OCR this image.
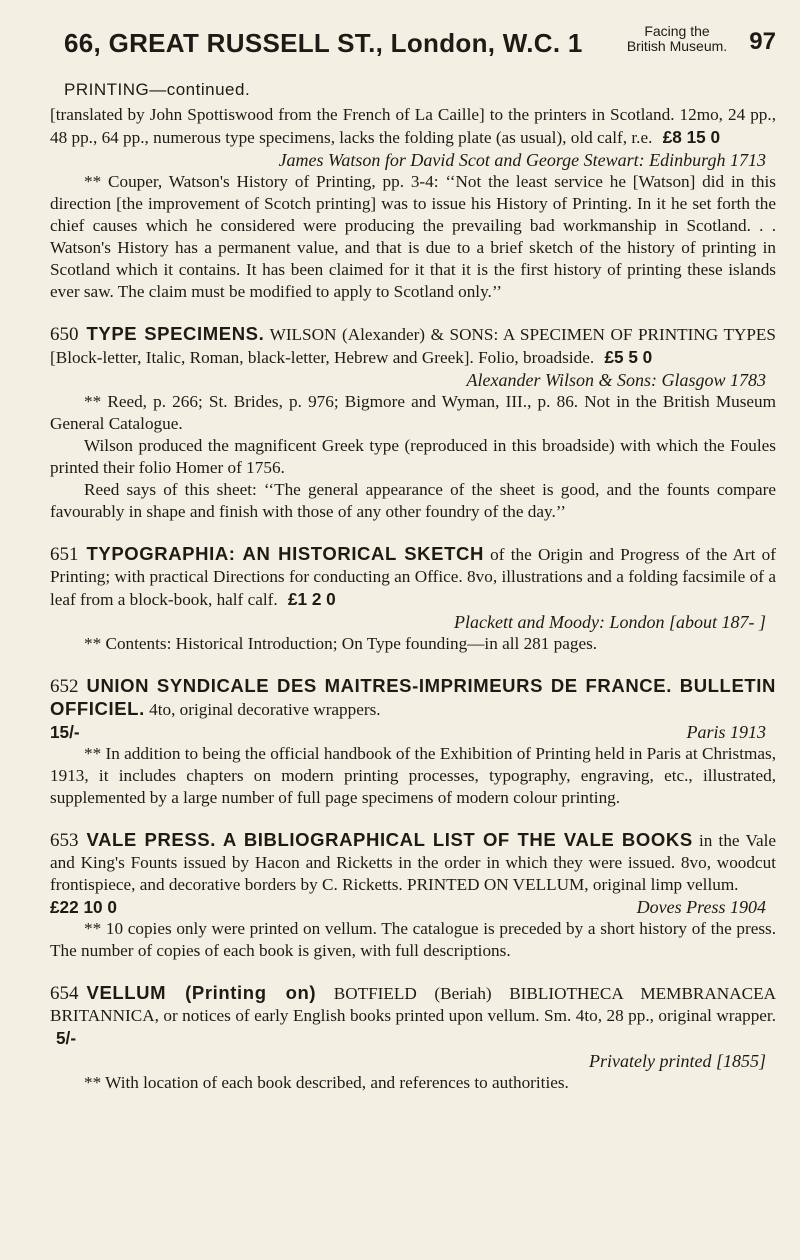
66, GREAT RUSSELL ST., London, W.C. 1	Facing the
British Museum. 97
PRINTING—continued.

[translated by John Spottiswood from the French of La Caille] to the printers in Scotland. 12mo, 24 pp., 48 pp., 64 pp., numerous type specimens, lacks the folding plate (as usual), old calf, r.e. £8 15 0

James Watson for David Scot and George Stewart: Edinburgh 1713

** Couper, Watson's History of Printing, pp. 3-4: ‘‘Not the least service he [Watson] did in this direction [the improvement of Scotch printing] was to issue his History of Printing. In it he set forth the chief causes which he considered were producing the prevailing bad workmanship in Scotland. . . Watson's History has a permanent value, and that is due to a brief sketch of the history of printing in Scotland which it contains. It has been claimed for it that it is the first history of printing these islands ever saw. The claim must be modified to apply to Scotland only.’’

650 TYPE SPECIMENS. WILSON (Alexander) & SONS: A SPECIMEN OF PRINTING TYPES [Block-letter, Italic, Roman, black-letter, Hebrew and Greek]. Folio, broadside. £5 5 0

Alexander Wilson & Sons: Glasgow 1783

** Reed, p. 266; St. Brides, p. 976; Bigmore and Wyman, III., p. 86. Not in the British Museum General Catalogue.

Wilson produced the magnificent Greek type (reproduced in this broadside) with which the Foules printed their folio Homer of 1756.

Reed says of this sheet: ‘‘The general appearance of the sheet is good, and the founts compare favourably in shape and finish with those of any other foundry of the day.’’

651 TYPOGRAPHIA: AN HISTORICAL SKETCH of the Origin and Progress of the Art of Printing; with practical Directions for conducting an Office. 8vo, illustrations and a folding facsimile of a leaf from a block-book, half calf. £1 2 0

Plackett and Moody: London [about 187- ]

** Contents: Historical Introduction; On Type founding—in all 281 pages.

652 UNION SYNDICALE DES MAITRES-IMPRIMEURS DE FRANCE. BULLETIN OFFICIEL. 4to, original decorative wrappers.

15/-	Paris 1913

** In addition to being the official handbook of the Exhibition of Printing held in Paris at Christmas, 1913, it includes chapters on modern printing processes, typography, engraving, etc., illustrated, supplemented by a large number of full page specimens of modern colour printing.

653 VALE PRESS. A BIBLIOGRAPHICAL LIST OF THE VALE BOOKS in the Vale and King's Founts issued by Hacon and Ricketts in the order in which they were issued. 8vo, woodcut frontispiece, and decorative borders by C. Ricketts. PRINTED ON VELLUM, original limp vellum.

£22 10 0	Doves Press 1904

** 10 copies only were printed on vellum. The catalogue is preceded by a short history of the press. The number of copies of each book is given, with full descriptions.

654 VELLUM (Printing on) BOTFIELD (Beriah) BIBLIOTHECA MEMBRANACEA BRITANNICA, or notices of early English books printed upon vellum. Sm. 4to, 28 pp., original wrapper. 5/-

Privately printed [1855]

** With location of each book described, and references to authorities.
